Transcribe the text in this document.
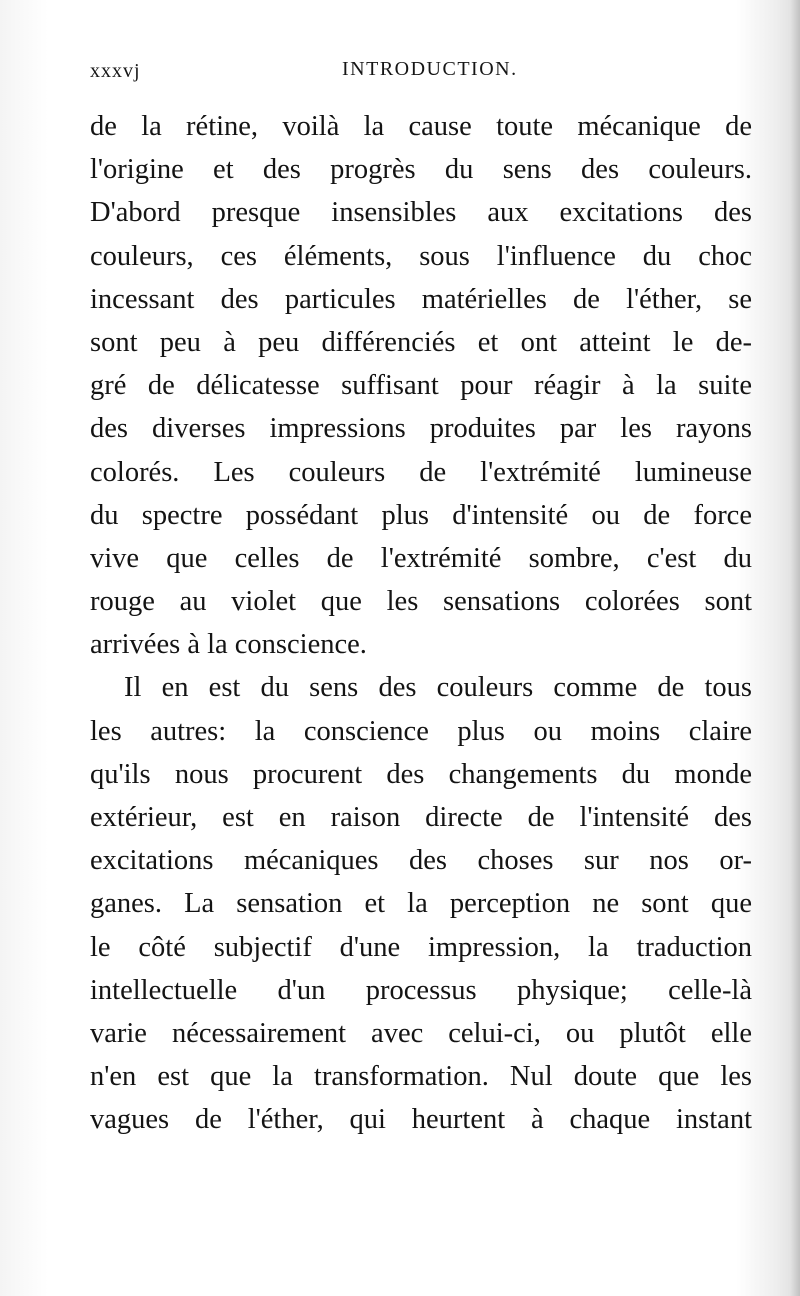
xxxvj	INTRODUCTION.
de la rétine, voilà la cause toute mécanique de
l'origine et des progrès du sens des couleurs.
D'abord presque insensibles aux excitations des
couleurs, ces éléments, sous l'influence du choc
incessant des particules matérielles de l'éther, se
sont peu à peu différenciés et ont atteint le de-
gré de délicatesse suffisant pour réagir à la suite
des diverses impressions produites par les rayons
colorés. Les couleurs de l'extrémité lumineuse
du spectre possédant plus d'intensité ou de force
vive que celles de l'extrémité sombre, c'est du
rouge au violet que les sensations colorées sont
arrivées à la conscience.
Il en est du sens des couleurs comme de tous
les autres: la conscience plus ou moins claire
qu'ils nous procurent des changements du monde
extérieur, est en raison directe de l'intensité des
excitations mécaniques des choses sur nos or-
ganes. La sensation et la perception ne sont que
le côté subjectif d'une impression, la traduction
intellectuelle d'un processus physique; celle-là
varie nécessairement avec celui-ci, ou plutôt elle
n'en est que la transformation. Nul doute que les
vagues de l'éther, qui heurtent à chaque instant
